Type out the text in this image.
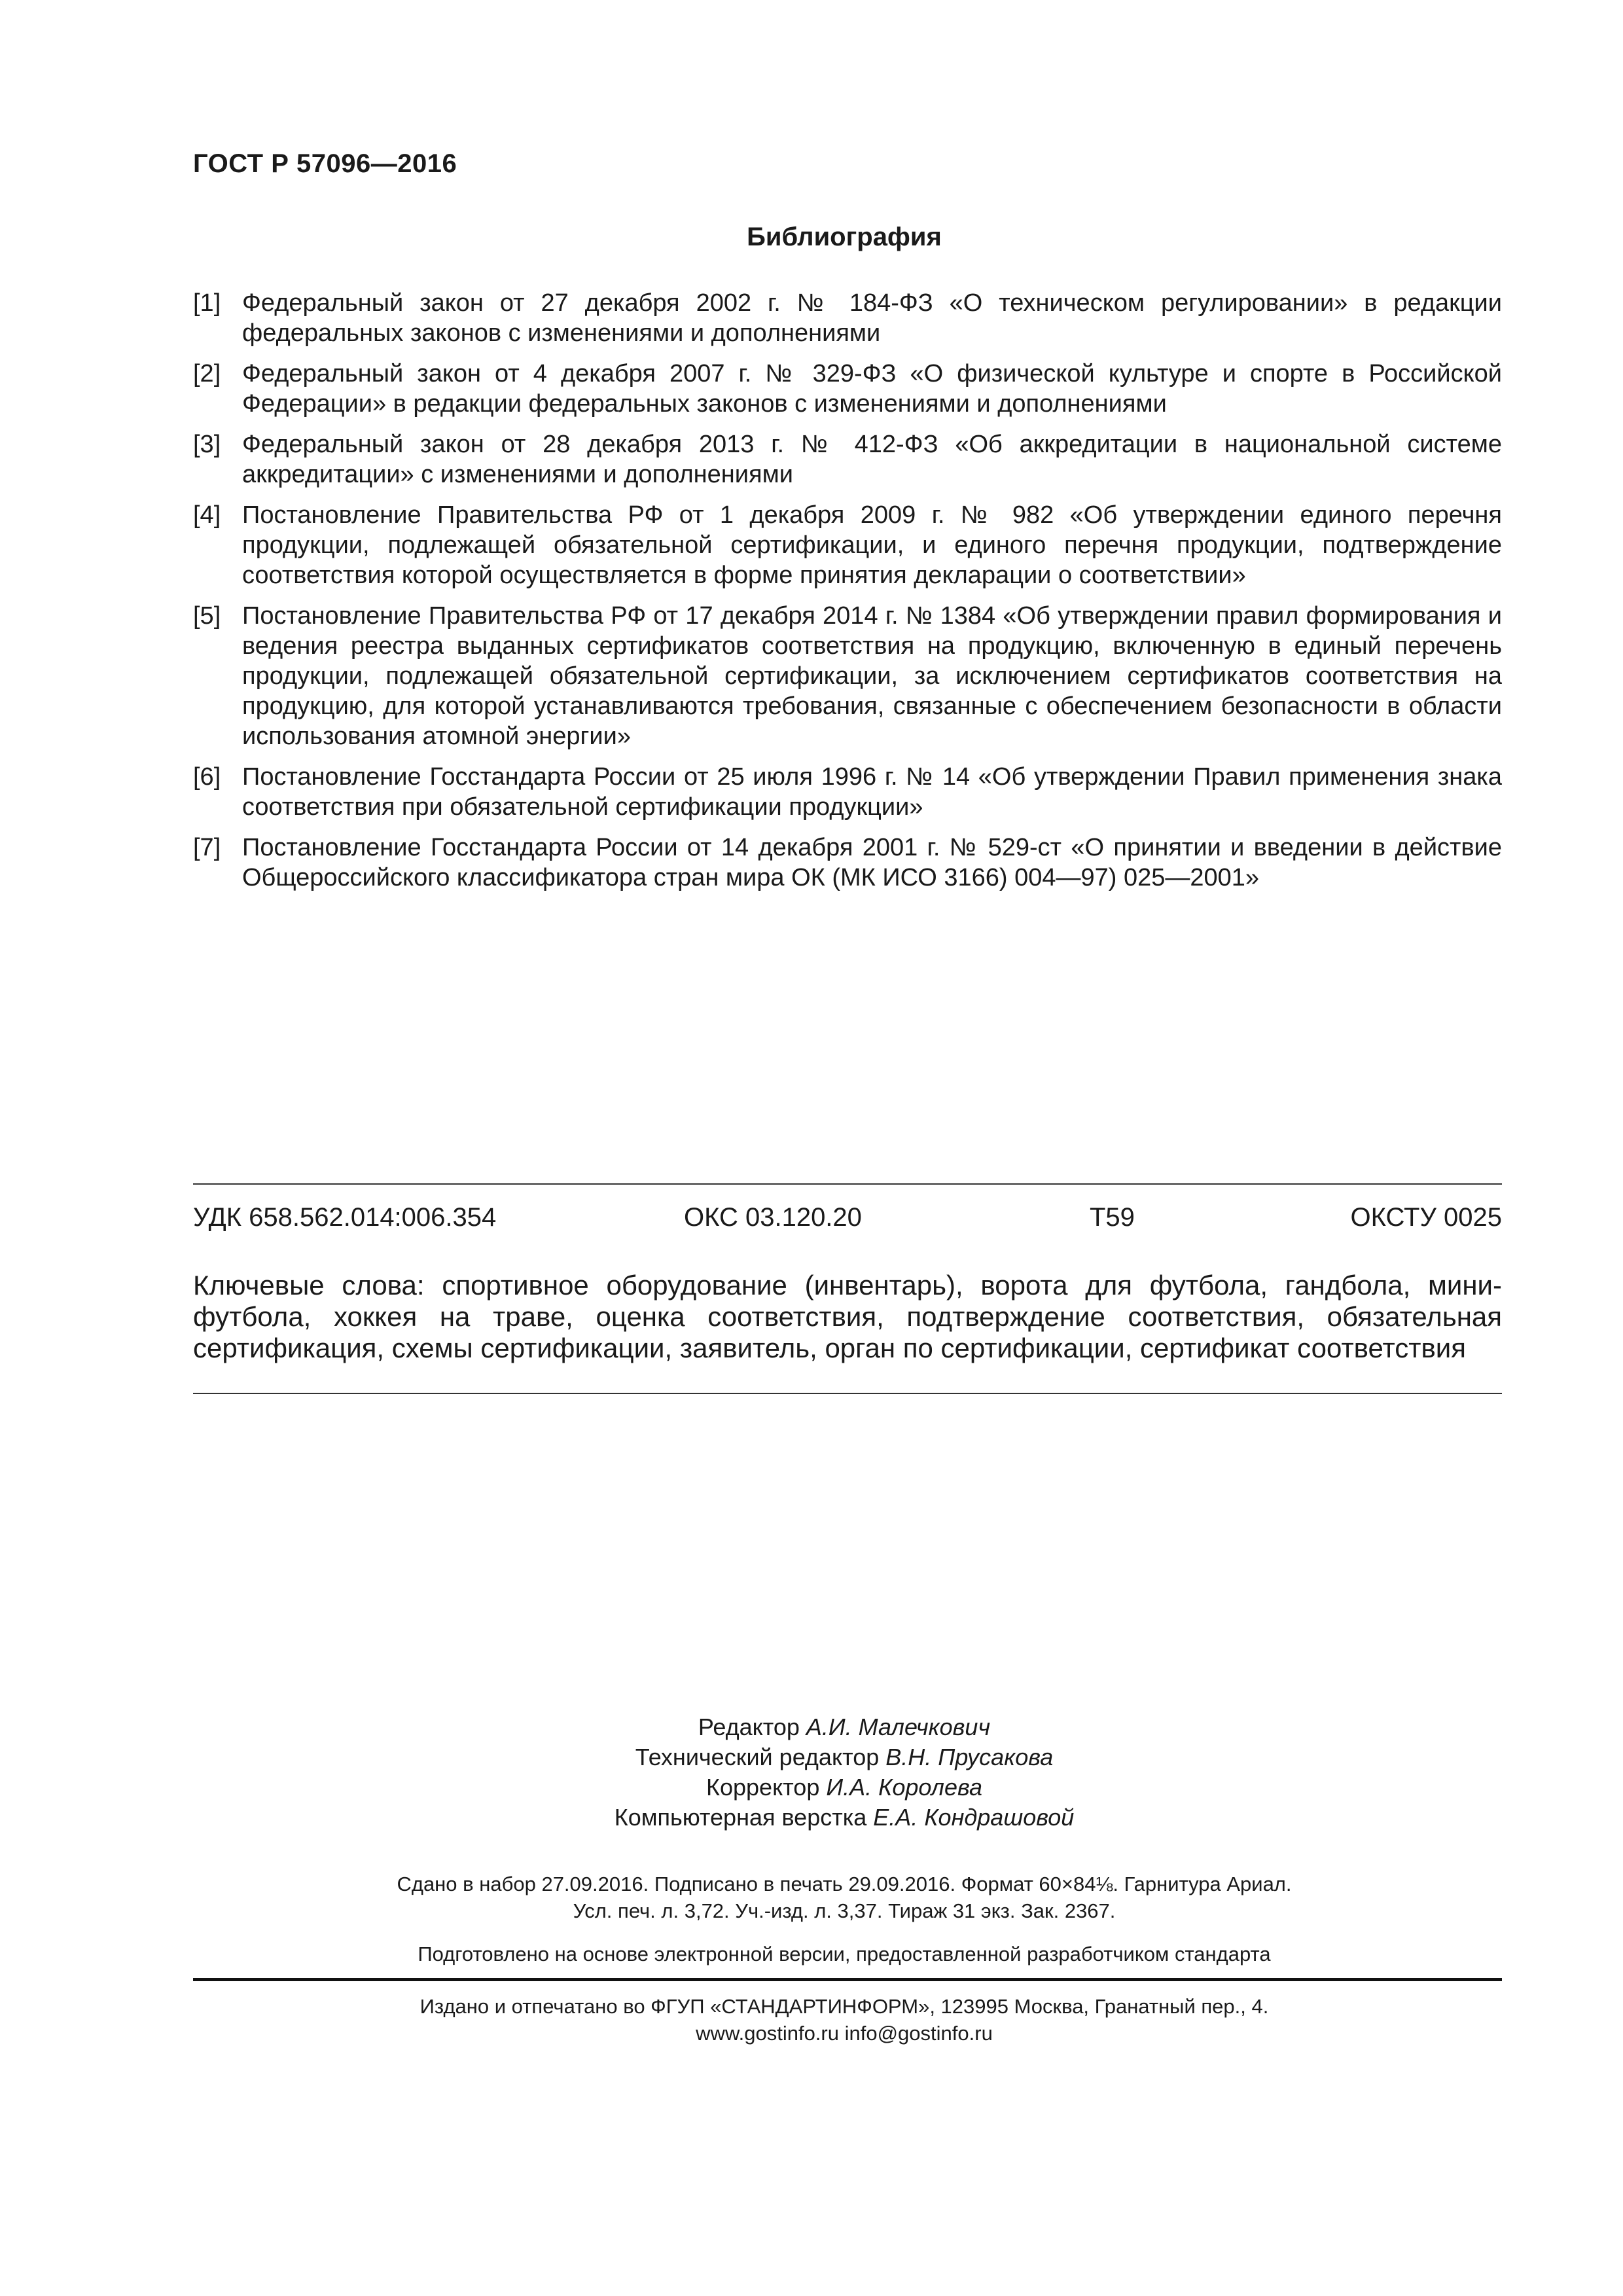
ГОСТ Р 57096—2016
Библиография
[1] Федеральный закон от 27 декабря 2002 г. № 184-ФЗ «О техническом регулировании» в редакции федеральных законов с изменениями и дополнениями
[2] Федеральный закон от 4 декабря 2007 г. № 329-ФЗ «О физической культуре и спорте в Российской Федерации» в редакции федеральных законов с изменениями и дополнениями
[3] Федеральный закон от 28 декабря 2013 г. № 412-ФЗ «Об аккредитации в национальной системе аккредитации» с изменениями и дополнениями
[4] Постановление Правительства РФ от 1 декабря 2009 г. № 982 «Об утверждении единого перечня продукции, подлежащей обязательной сертификации, и единого перечня продукции, подтверждение соответствия которой осуществляется в форме принятия декларации о соответствии»
[5] Постановление Правительства РФ от 17 декабря 2014 г. № 1384 «Об утверждении правил формирования и ведения реестра выданных сертификатов соответствия на продукцию, включенную в единый перечень продукции, подлежащей обязательной сертификации, за исключением сертификатов соответствия на продукцию, для которой устанавливаются требования, связанные с обеспечением безопасности в области использования атомной энергии»
[6] Постановление Госстандарта России от 25 июля 1996 г. № 14 «Об утверждении Правил применения знака соответствия при обязательной сертификации продукции»
[7] Постановление Госстандарта России от 14 декабря 2001 г. № 529-ст «О принятии и введении в действие Общероссийского классификатора стран мира ОК (МК ИСО 3166) 004—97) 025—2001»
УДК 658.562.014:006.354	ОКС 03.120.20	Т59	ОКСТУ 0025
Ключевые слова: спортивное оборудование (инвентарь), ворота для футбола, гандбола, мини-футбола, хоккея на траве, оценка соответствия, подтверждение соответствия, обязательная сертификация, схемы сертификации, заявитель, орган по сертификации, сертификат соответствия
Редактор А.И. Малечкович
Технический редактор В.Н. Прусакова
Корректор И.А. Королева
Компьютерная верстка Е.А. Кондрашовой
Сдано в набор 27.09.2016. Подписано в печать 29.09.2016. Формат 60×84⅛. Гарнитура Ариал.
Усл. печ. л. 3,72. Уч.-изд. л. 3,37. Тираж 31 экз. Зак. 2367.
Подготовлено на основе электронной версии, предоставленной разработчиком стандарта
Издано и отпечатано во ФГУП «СТАНДАРТИНФОРМ», 123995 Москва, Гранатный пер., 4.
www.gostinfo.ru info@gostinfo.ru
